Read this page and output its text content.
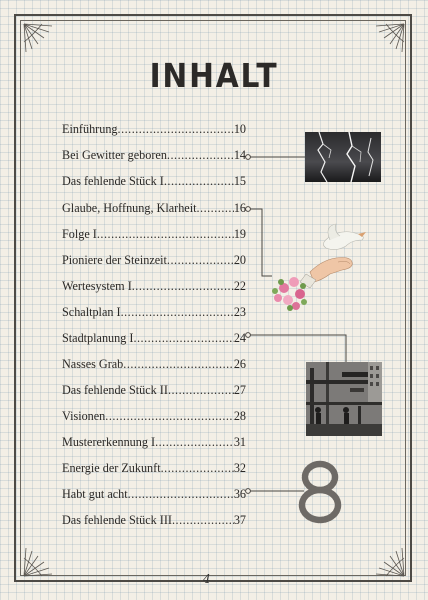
INHALT
Einführung .....	10
Bei Gewitter geboren .....	14
Das fehlende Stück I .....	15
Glaube, Hoffnung, Klarheit .....	16
Folge I .....	19
Pioniere der Steinzeit .....	20
Wertesystem I .....	22
Schaltplan I .....	23
Stadtplanung I .....	24
Nasses Grab .....	26
Das fehlende Stück II .....	27
Visionen .....	28
Mustererkennung I .....	31
Energie der Zukunft .....	32
Habt gut acht .....	36
Das fehlende Stück III .....	37
8
4
